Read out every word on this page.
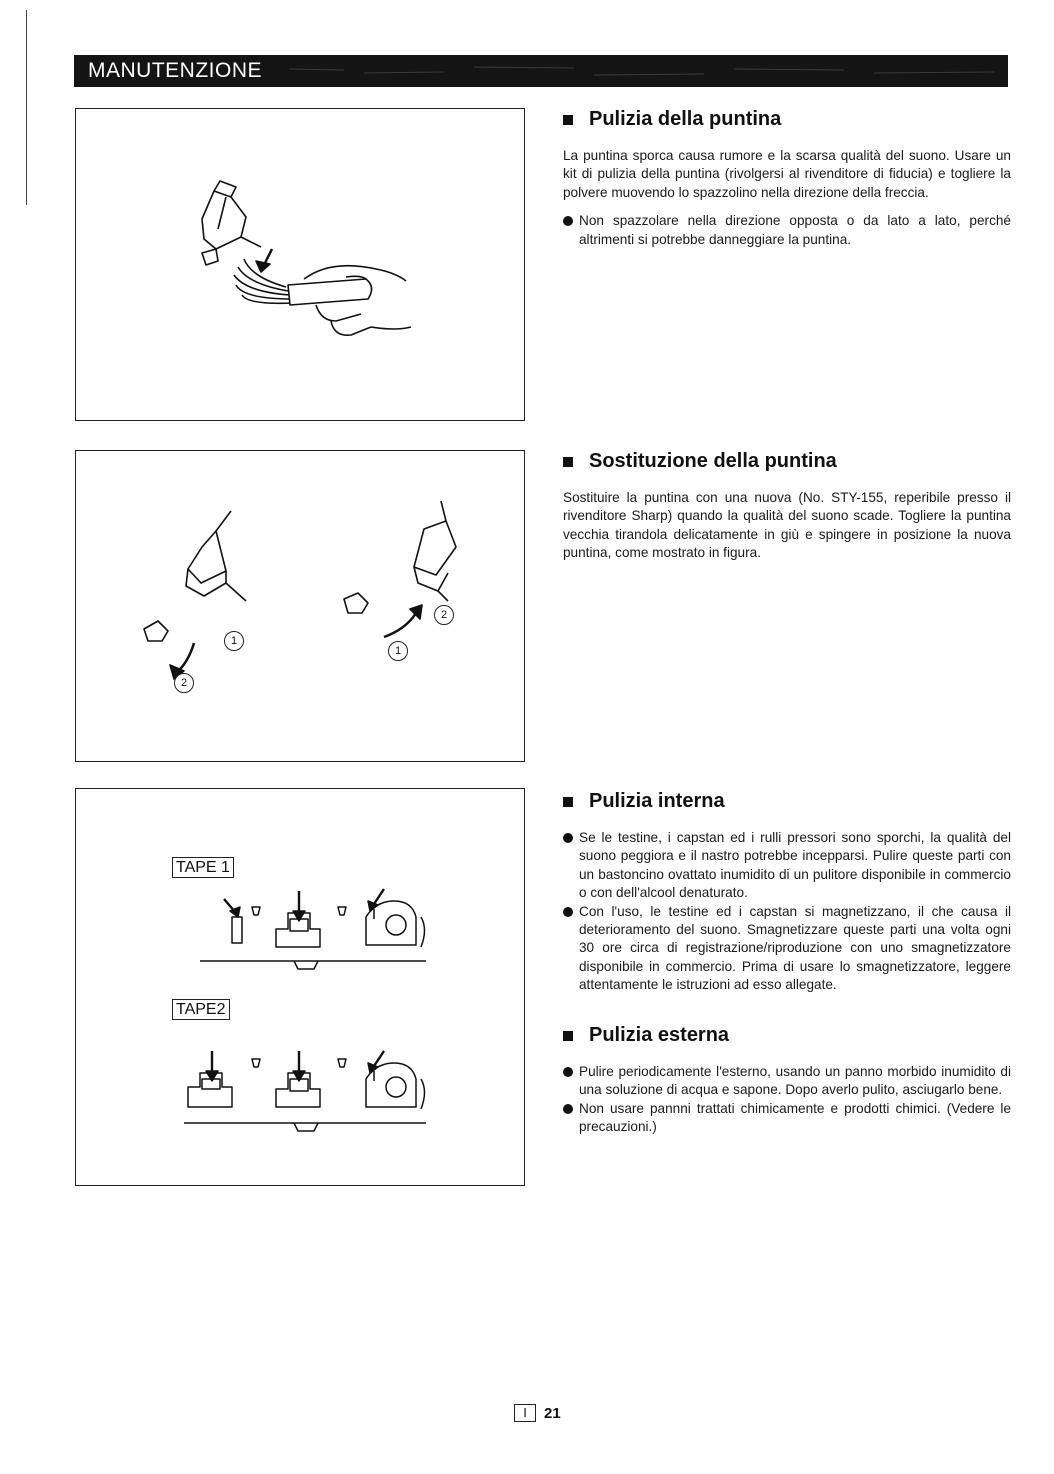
MANUTENZIONE
1
2
2
1
TAPE 1
TAPE2
Pulizia della puntina

La puntina sporca causa rumore e la scarsa qualità del suono. Usare un kit di pulizia della puntina (rivolgersi al rivenditore di fiducia) e togliere la polvere muovendo lo spazzolino nella direzione della freccia.

Non spazzolare nella direzione opposta o da lato a lato, perché altrimenti si potrebbe danneggiare la puntina.

Sostituzione della puntina

Sostituire la puntina con una nuova (No. STY-155, reperibile presso il rivenditore Sharp) quando la qualità del suono scade. Togliere la puntina vecchia tirandola delicatamente in giù e spingere in posizione la nuova puntina, come mostrato in figura.

Pulizia interna

Se le testine, i capstan ed i rulli pressori sono sporchi, la qualità del suono peggiora e il nastro potrebbe incepparsi. Pulire queste parti con un bastoncino ovattato inumidito di un pulitore disponibile in commercio o con dell'alcool denaturato.

Con l'uso, le testine ed i capstan si magnetizzano, il che causa il deterioramento del suono. Smagnetizzare queste parti una volta ogni 30 ore circa di registrazione/riproduzione con uno smagnetizzatore disponibile in commercio. Prima di usare lo smagnetizzatore, leggere attentamente le istruzioni ad esso allegate.

Pulizia esterna

Pulire periodicamente l'esterno, usando un panno morbido inumidito di una soluzione di acqua e sapone. Dopo averlo pulito, asciugarlo bene.

Non usare pannni trattati chimicamente e prodotti chimici. (Vedere le precauzioni.)

I	21
